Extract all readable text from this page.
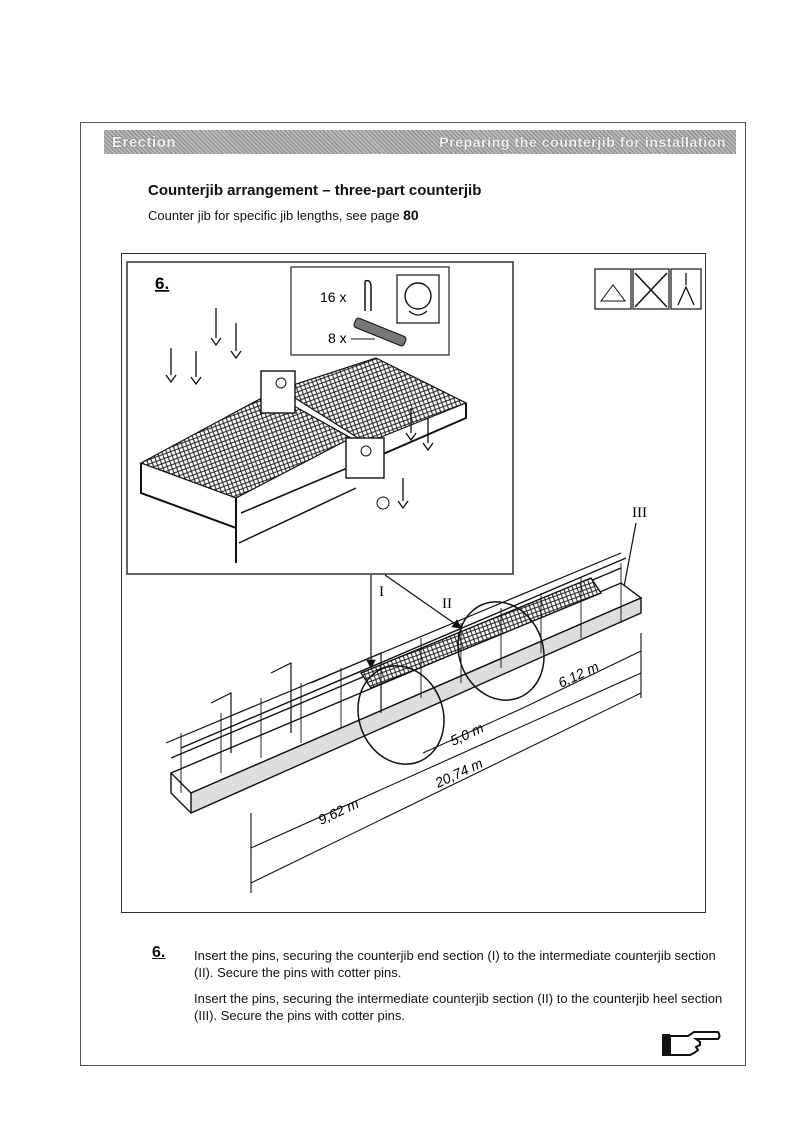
Erection	Preparing the counterjib for installation
Counterjib arrangement – three-part counterjib
Counter jib for specific jib lengths, see page 80
6.
16 x
8 x
I
II
III
9,62 m
5,0 m
6,12 m
20,74 m
6. Insert the pins, securing the counterjib end section (I) to the intermediate counterjib section (II). Secure the pins with cotter pins.
Insert the pins, securing the intermediate counterjib section (II) to the counterjib heel section (III). Secure the pins with cotter pins.
